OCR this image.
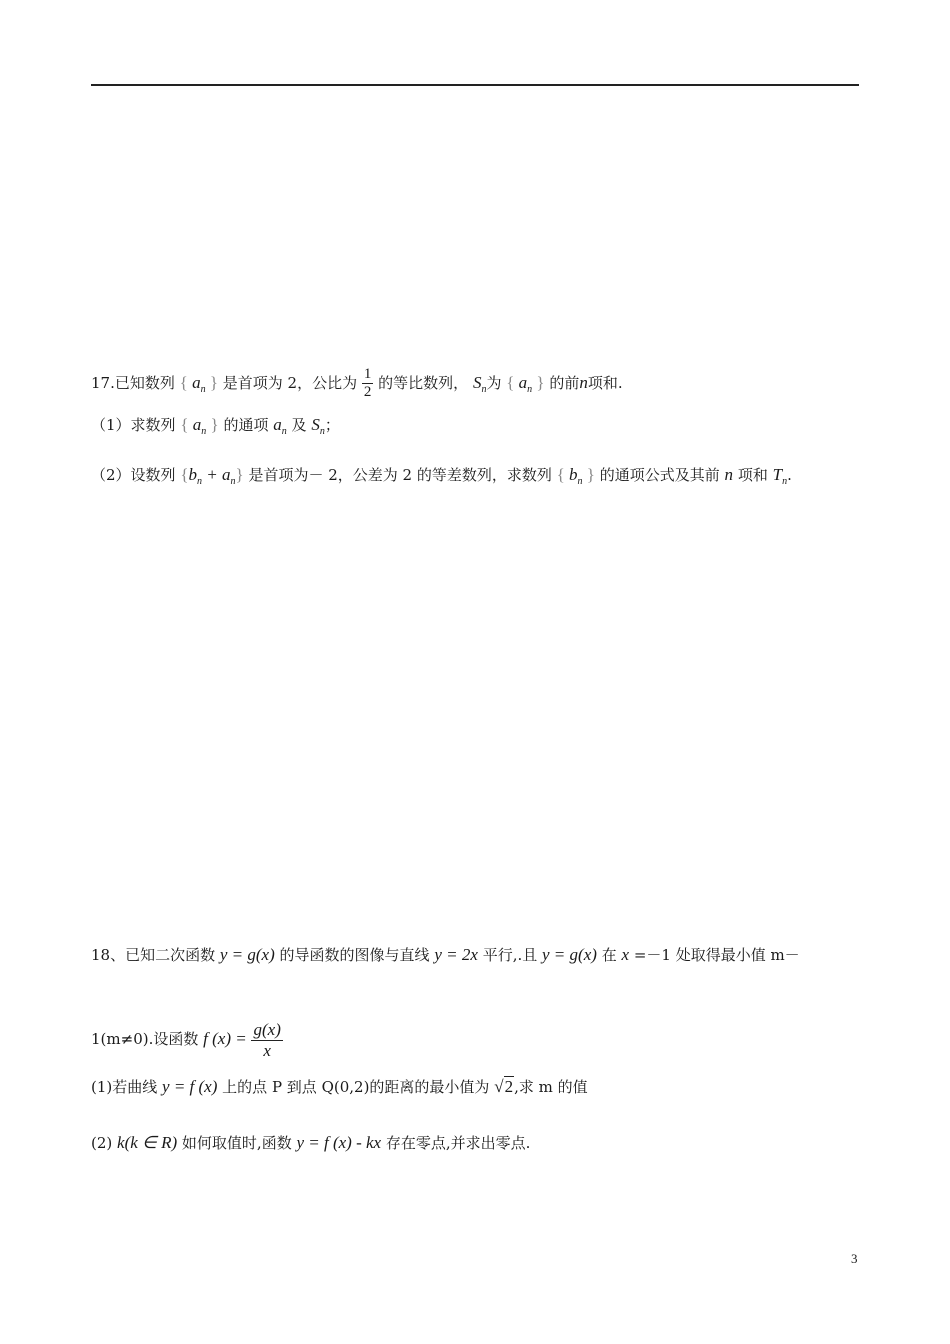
17.已知数列 { $a_n$ } 是首项为 2，公比为 $\frac{1}{2}$ 的等比数列， $S_n$为 { $a_n$ } 的前n项和.
（1）求数列 { $a_n$ } 的通项 $a_n$ 及 $S_n$；
（2）设数列 $\{b_n + a_n\}$ 是首项为－ 2，公差为 2 的等差数列，求数列 { $b_n$ } 的通项公式及其前 n 项和 $T_n$.
18、已知二次函数 y = g(x) 的导函数的图像与直线 y = 2x 平行,.且 y = g(x) 在 x =－1 处取得最小值 m－
1(m≠0).设函数 f $(x) = \frac{g(x)}{x}$
(1)若曲线 y = f (x) 上的点 P 到点 Q(0,2)的距离的最小值为 √2,求 m 的值
(2) k(k ∈ R) 如何取值时,函数 y = f (x) - kx 存在零点,并求出零点.
3
